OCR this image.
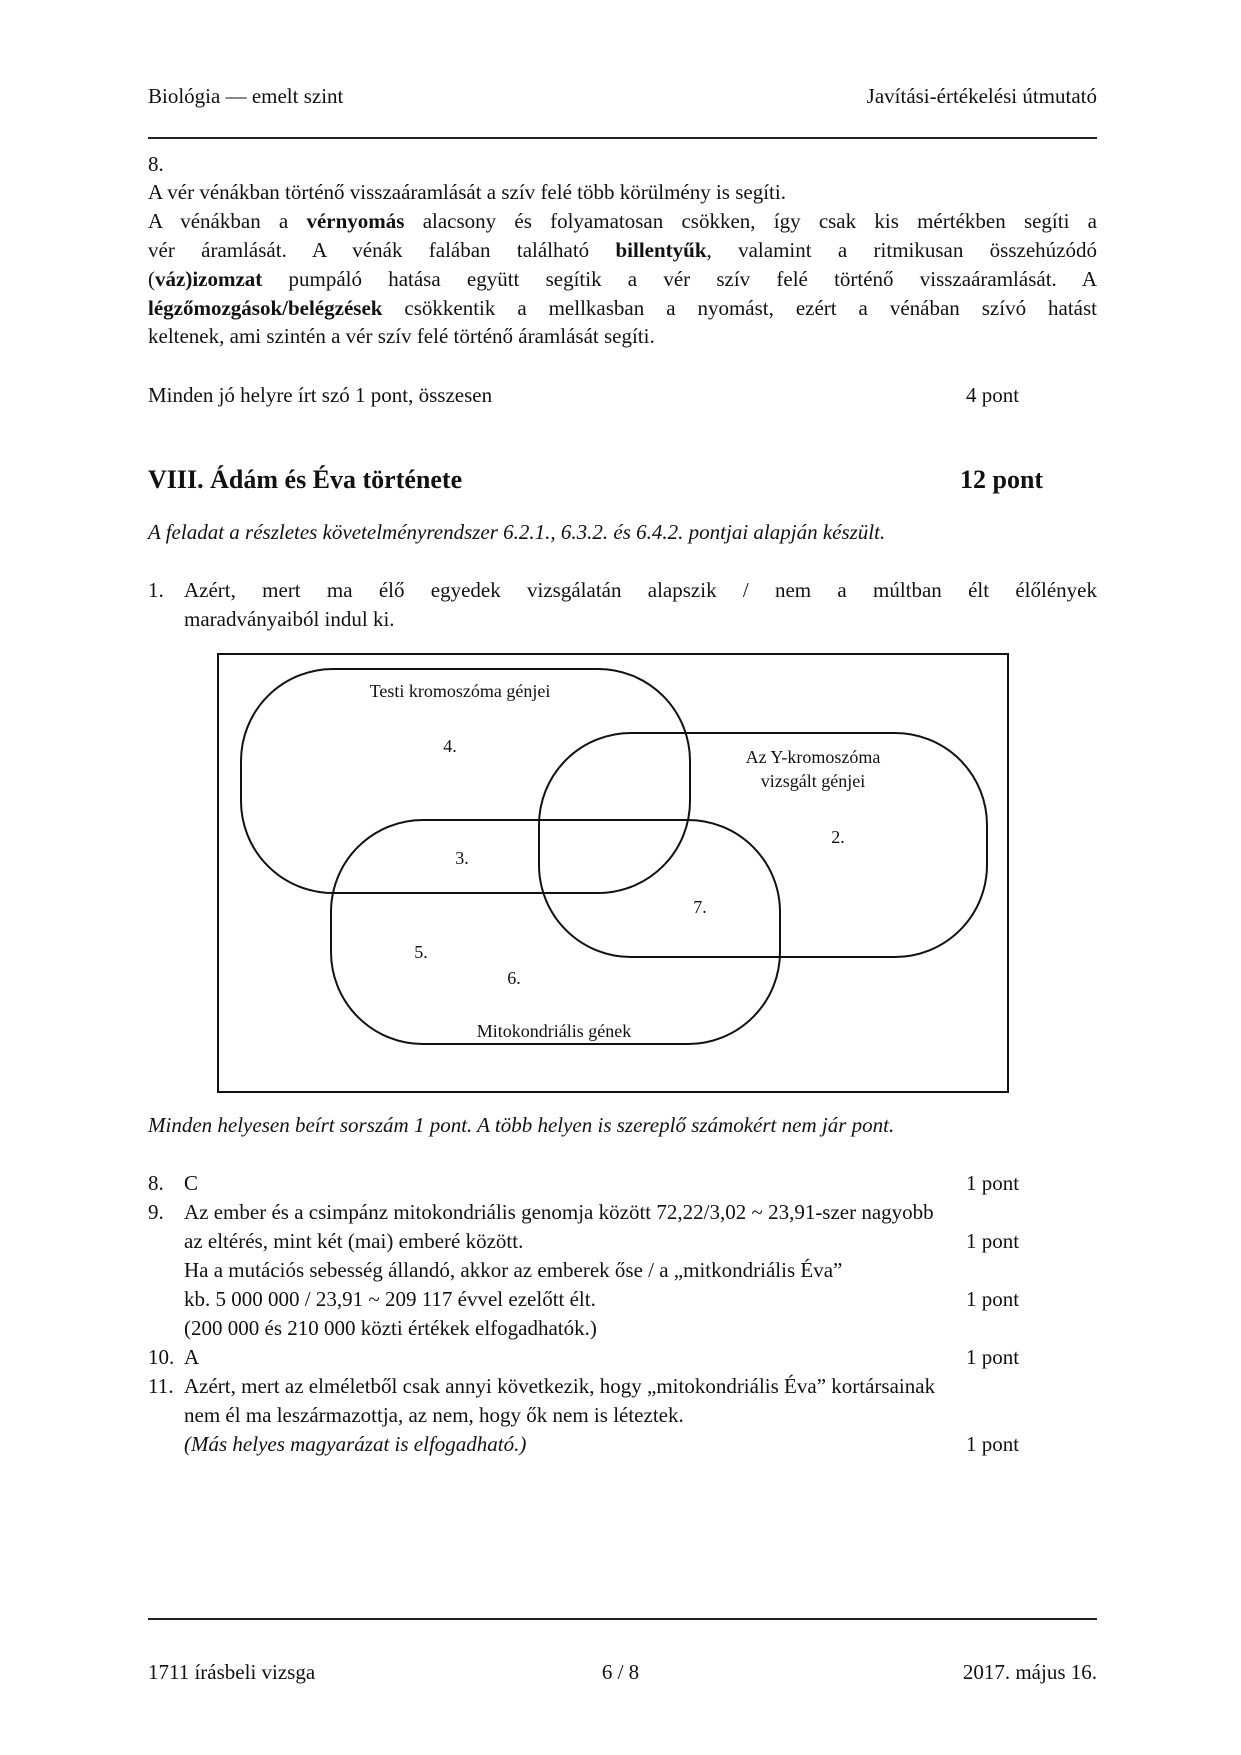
Biológia — emelt szint	Javítási-értékelési útmutató
8.
A vér vénákban történő visszaáramlását a szív felé több körülmény is segíti.
A vénákban a vérnyomás alacsony és folyamatosan csökken, így csak kis mértékben segíti a
vér áramlását. A vénák falában található billentyűk, valamint a ritmikusan összehúzódó
(váz)izomzat pumpáló hatása együtt segítik a vér szív felé történő visszaáramlását. A
légzőmozgások/belégzések csökkentik a mellkasban a nyomást, ezért a vénában szívó hatást
keltenek, ami szintén a vér szív felé történő áramlását segíti.
Minden jó helyre írt szó 1 pont, összesen	4 pont
VIII. Ádám és Éva története	12 pont
A feladat a részletes követelményrendszer 6.2.1., 6.3.2. és 6.4.2. pontjai alapján készült.
1. Azért, mert ma élő egyedek vizsgálatán alapszik / nem a múltban élt élőlények
maradványaiból indul ki.
Testi kromoszóma génjei
Az Y-kromoszóma
vizsgált génjei
Mitokondriális gének
4.
2.
3.
7.
5.
6.
Minden helyesen beírt sorszám 1 pont. A több helyen is szereplő számokért nem jár pont.
8. C	1 pont
9. Az ember és a csimpánz mitokondriális genomja között 72,22/3,02 ~ 23,91-szer nagyobb
az eltérés, mint két (mai) emberé között.	1 pont
Ha a mutációs sebesség állandó, akkor az emberek őse / a „mitkondriális Éva”
kb. 5 000 000 / 23,91 ~ 209 117 évvel ezelőtt élt.	1 pont
(200 000 és 210 000 közti értékek elfogadhatók.)
10. A	1 pont
11. Azért, mert az elméletből csak annyi következik, hogy „mitokondriális Éva” kortársainak
nem él ma leszármazottja, az nem, hogy ők nem is léteztek.
(Más helyes magyarázat is elfogadható.)	1 pont
1711 írásbeli vizsga	6 / 8	2017. május 16.
